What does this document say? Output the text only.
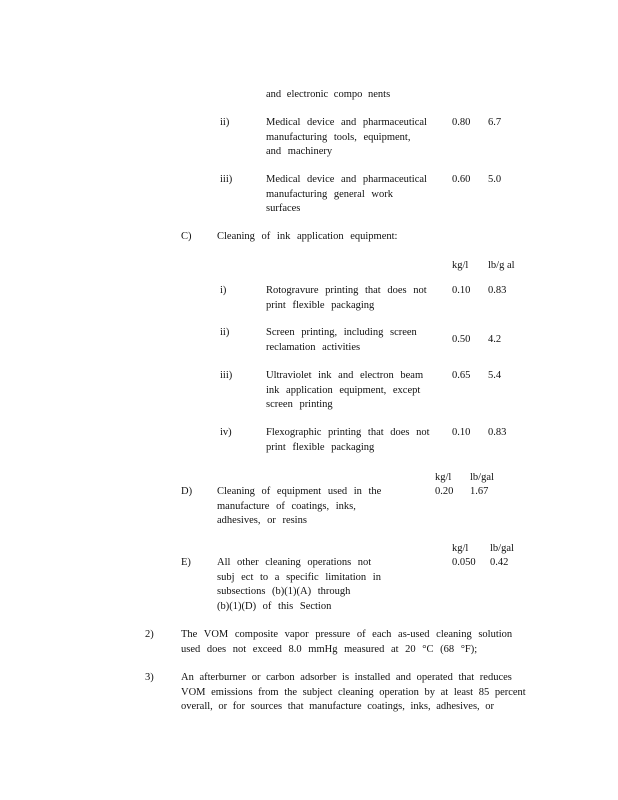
and electronic compo nents
ii)	Medical device and pharmaceutical
manufacturing tools, equipment,
and machinery
0.80 6.7
iii)	Medical device and pharmaceutical
manufacturing general work
surfaces
0.60 5.0
C) Cleaning of ink application equipment:
kg/l lb/g al
i)	Rotogravure printing that does not
print flexible packaging
0.10 0.83
ii)	Screen printing, including screen
reclamation activities
0.50 4.2
iii)	Ultraviolet ink and electron beam
ink application equipment, except
screen printing
0.65 5.4
iv)	Flexographic printing that does not
print flexible packaging
0.10 0.83
kg/l lb/gal
D) Cleaning of equipment used in the
manufacture of coatings, inks,
adhesives, or resins
0.20 1.67
kg/l lb/gal
E) All other cleaning operations not
subj ect to a specific limitation in
subsections (b)(1)(A) through
(b)(1)(D) of this Section
0.050 0.42
2)	The VOM composite vapor pressure of each as-used cleaning solution
used does not exceed 8.0 mmHg measured at 20 °C (68 °F);
3)	An afterburner or carbon adsorber is installed and operated that reduces
VOM emissions from the subject cleaning operation by at least 85 percent
overall, or for sources that manufacture coatings, inks, adhesives, or
